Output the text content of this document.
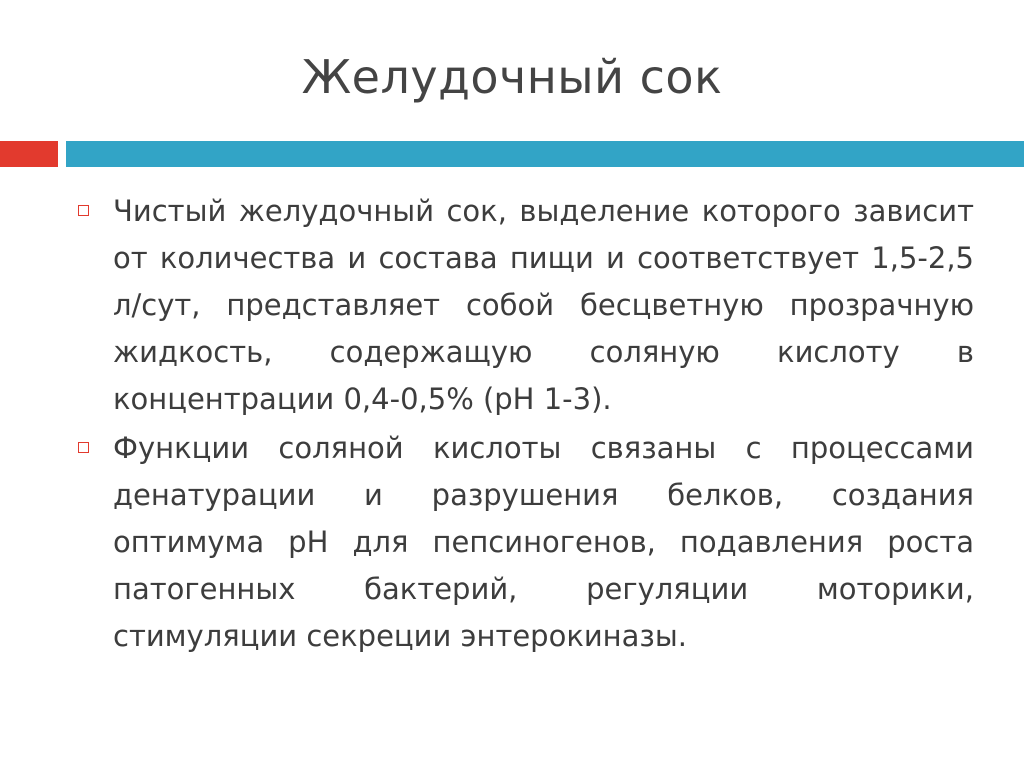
Желудочный сок
Чистый желудочный сок, выделение которого зависит от количества и состава пищи и соответствует 1,5-2,5 л/сут, представляет собой бесцветную прозрачную жидкость, содержащую соляную кислоту в концентрации 0,4-0,5% (рН 1-3).
Функции соляной кислоты связаны с процессами денатурации и разрушения белков, создания оптимума рН для пепсиногенов, подавления роста патогенных бактерий, регуляции моторики, стимуляции секреции энтерокиназы.
